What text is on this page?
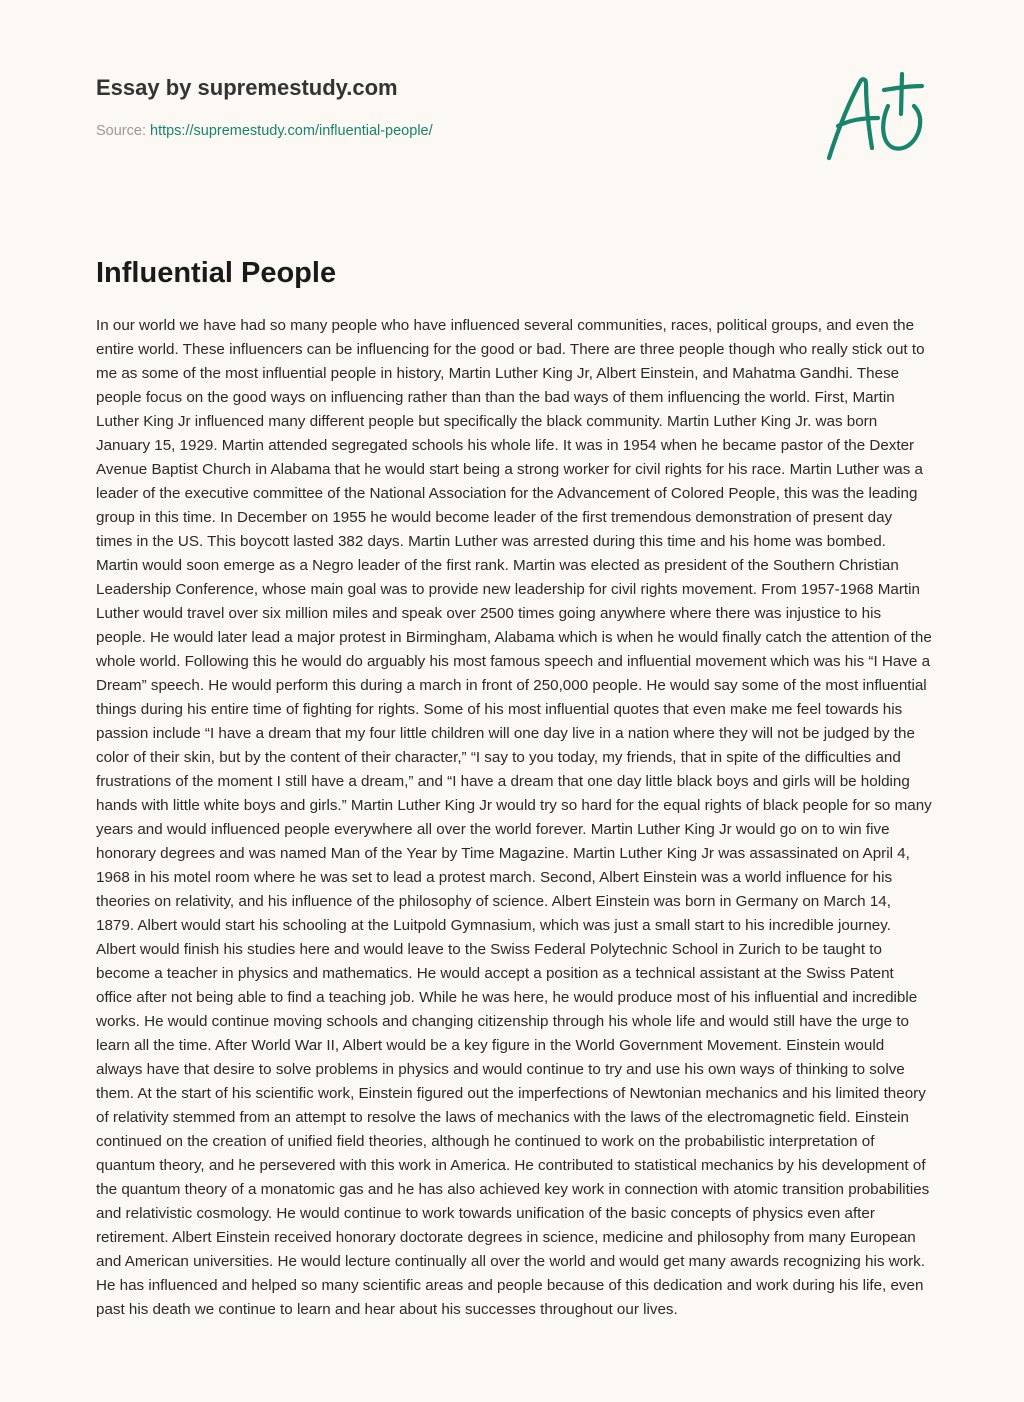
Essay by supremestudy.com
Source: https://supremestudy.com/influential-people/
Influential People

In our world we have had so many people who have influenced several communities, races, political groups, and even the entire world. These influencers can be influencing for the good or bad. There are three people though who really stick out to me as some of the most influential people in history, Martin Luther King Jr, Albert Einstein, and Mahatma Gandhi. These people focus on the good ways on influencing rather than than the bad ways of them influencing the world. First, Martin Luther King Jr influenced many different people but specifically the black community. Martin Luther King Jr. was born January 15, 1929. Martin attended segregated schools his whole life. It was in 1954 when he became pastor of the Dexter Avenue Baptist Church in Alabama that he would start being a strong worker for civil rights for his race. Martin Luther was a leader of the executive committee of the National Association for the Advancement of Colored People, this was the leading group in this time. In December on 1955 he would become leader of the first tremendous demonstration of present day times in the US. This boycott lasted 382 days. Martin Luther was arrested during this time and his home was bombed. Martin would soon emerge as a Negro leader of the first rank. Martin was elected as president of the Southern Christian Leadership Conference, whose main goal was to provide new leadership for civil rights movement. From 1957-1968 Martin Luther would travel over six million miles and speak over 2500 times going anywhere where there was injustice to his people. He would later lead a major protest in Birmingham, Alabama which is when he would finally catch the attention of the whole world. Following this he would do arguably his most famous speech and influential movement which was his “I Have a Dream” speech. He would perform this during a march in front of 250,000 people. He would say some of the most influential things during his entire time of fighting for rights. Some of his most influential quotes that even make me feel towards his passion include “I have a dream that my four little children will one day live in a nation where they will not be judged by the color of their skin, but by the content of their character,” “I say to you today, my friends, that in spite of the difficulties and frustrations of the moment I still have a dream,” and “I have a dream that one day little black boys and girls will be holding hands with little white boys and girls.” Martin Luther King Jr would try so hard for the equal rights of black people for so many years and would influenced people everywhere all over the world forever. Martin Luther King Jr would go on to win five honorary degrees and was named Man of the Year by Time Magazine. Martin Luther King Jr was assassinated on April 4, 1968 in his motel room where he was set to lead a protest march. Second, Albert Einstein was a world influence for his theories on relativity, and his influence of the philosophy of science. Albert Einstein was born in Germany on March 14, 1879. Albert would start his schooling at the Luitpold Gymnasium, which was just a small start to his incredible journey. Albert would finish his studies here and would leave to the Swiss Federal Polytechnic School in Zurich to be taught to become a teacher in physics and mathematics. He would accept a position as a technical assistant at the Swiss Patent office after not being able to find a teaching job. While he was here, he would produce most of his influential and incredible works. He would continue moving schools and changing citizenship through his whole life and would still have the urge to learn all the time. After World War II, Albert would be a key figure in the World Government Movement. Einstein would always have that desire to solve problems in physics and would continue to try and use his own ways of thinking to solve them. At the start of his scientific work, Einstein figured out the imperfections of Newtonian mechanics and his limited theory of relativity stemmed from an attempt to resolve the laws of mechanics with the laws of the electromagnetic field. Einstein continued on the creation of unified field theories, although he continued to work on the probabilistic interpretation of quantum theory, and he persevered with this work in America. He contributed to statistical mechanics by his development of the quantum theory of a monatomic gas and he has also achieved key work in connection with atomic transition probabilities and relativistic cosmology. He would continue to work towards unification of the basic concepts of physics even after retirement. Albert Einstein received honorary doctorate degrees in science, medicine and philosophy from many European and American universities. He would lecture continually all over the world and would get many awards recognizing his work. He has influenced and helped so many scientific areas and people because of this dedication and work during his life, even past his death we continue to learn and hear about his successes throughout our lives.
